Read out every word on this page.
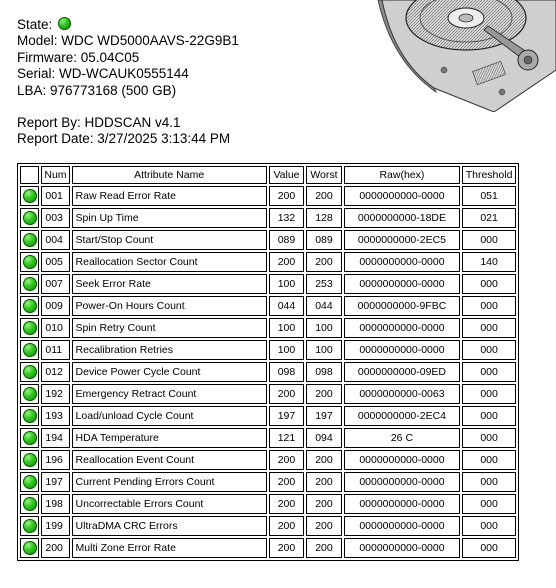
State:
Model: WDC WD5000AAVS-22G9B1
Firmware: 05.04C05
Serial: WD-WCAUK0555144
LBA: 976773168 (500 GB)
Report By: HDDSCAN v4.1
Report Date: 3/27/2025 3:13:44 PM
	Num	Attribute Name	Value	Worst	Raw(hex)	Threshold
	001	Raw Read Error Rate	200	200	0000000000-0000	051
	003	Spin Up Time	132	128	0000000000-18DE	021
	004	Start/Stop Count	089	089	0000000000-2EC5	000
	005	Reallocation Sector Count	200	200	0000000000-0000	140
	007	Seek Error Rate	100	253	0000000000-0000	000
	009	Power-On Hours Count	044	044	0000000000-9FBC	000
	010	Spin Retry Count	100	100	0000000000-0000	000
	011	Recalibration Retries	100	100	0000000000-0000	000
	012	Device Power Cycle Count	098	098	0000000000-09ED	000
	192	Emergency Retract Count	200	200	0000000000-0063	000
	193	Load/unload Cycle Count	197	197	0000000000-2EC4	000
	194	HDA Temperature	121	094	26 C	000
	196	Reallocation Event Count	200	200	0000000000-0000	000
	197	Current Pending Errors Count	200	200	0000000000-0000	000
	198	Uncorrectable Errors Count	200	200	0000000000-0000	000
	199	UltraDMA CRC Errors	200	200	0000000000-0000	000
	200	Multi Zone Error Rate	200	200	0000000000-0000	000
